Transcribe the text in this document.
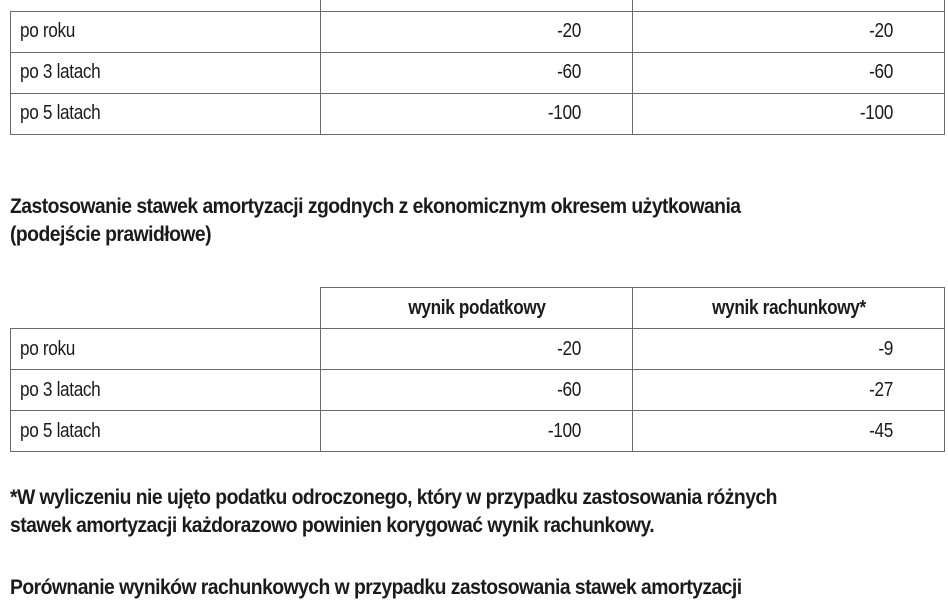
po roku	-20	-20
po 3 latach	-60	-60
po 5 latach	-100	-100
Zastosowanie stawek amortyzacji zgodnych z ekonomicznym okresem użytkowania
(podejście prawidłowe)
	wynik podatkowy	wynik rachunkowy*
po roku	-20	-9
po 3 latach	-60	-27
po 5 latach	-100	-45
*W wyliczeniu nie ujęto podatku odroczonego, który w przypadku zastosowania różnych
stawek amortyzacji każdorazowo powinien korygować wynik rachunkowy.
Porównanie wyników rachunkowych w przypadku zastosowania stawek amortyzacji
